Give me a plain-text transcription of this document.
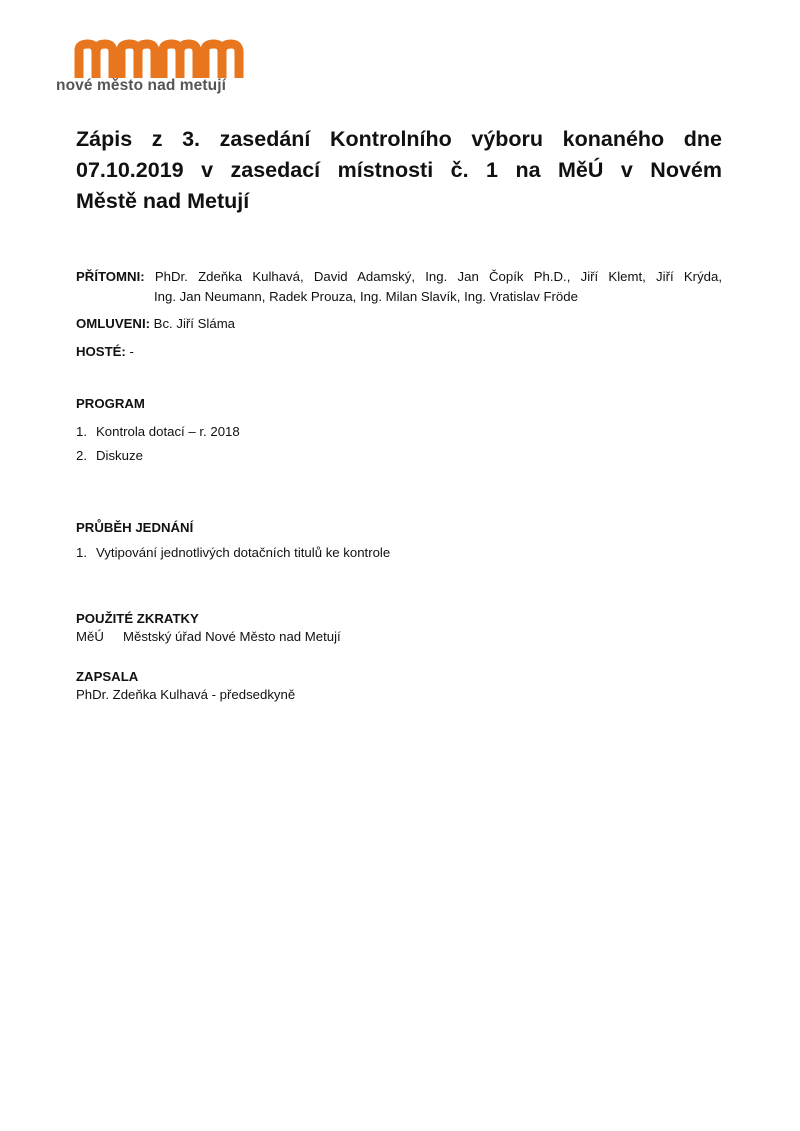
nové město nad metují
Zápis z 3. zasedání Kontrolního výboru konaného dne
07.10.2019 v zasedací místnosti č. 1 na MěÚ v Novém
Městě nad Metují
PŘÍTOMNI: PhDr. Zdeňka Kulhavá, David Adamský, Ing. Jan Čopík Ph.D., Jiří Klemt, Jiří Krýda,
Ing. Jan Neumann, Radek Prouza, Ing. Milan Slavík, Ing. Vratislav Fröde
OMLUVENI: Bc. Jiří Sláma
HOSTÉ: -
PROGRAM
1. Kontrola dotací – r. 2018
2. Diskuze
PRŮBĚH JEDNÁNÍ
1. Vytipování jednotlivých dotačních titulů ke kontrole
POUŽITÉ ZKRATKY
MěÚ Městský úřad Nové Město nad Metují
ZAPSALA
PhDr. Zdeňka Kulhavá - předsedkyně
